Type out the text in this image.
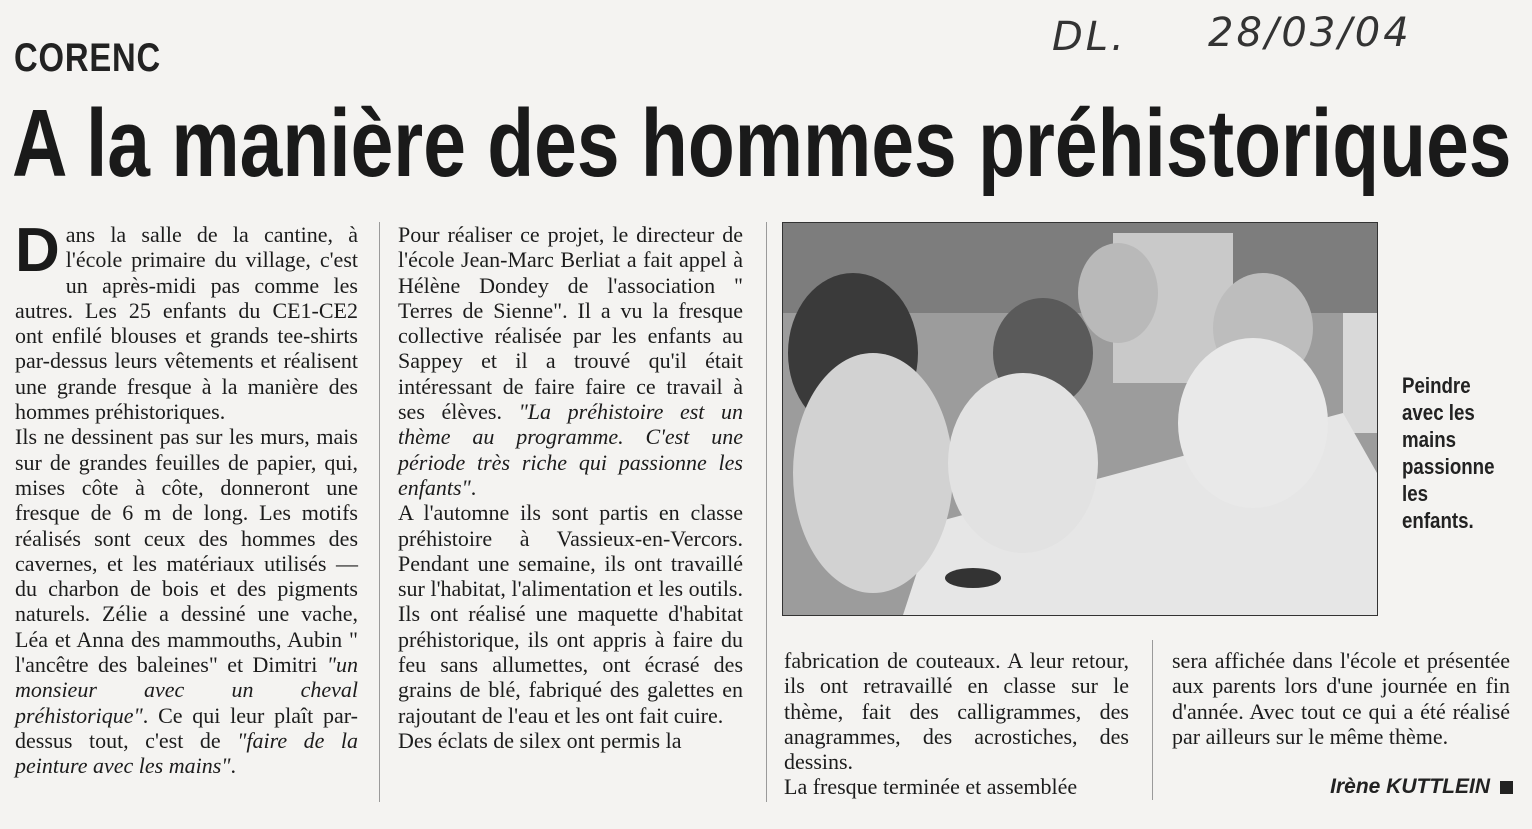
DL. 28/03/04
CORENC
A la manière des hommes préhistoriques

Dans la salle de la cantine, à l'école primaire du village, c'est un après-midi pas comme les autres. Les 25 enfants du CE1-CE2 ont enfilé blouses et grands tee-shirts par-dessus leurs vêtements et réalisent une grande fresque à la manière des hommes préhistoriques.

Ils ne dessinent pas sur les murs, mais sur de grandes feuilles de papier, qui, mises côte à côte, donneront une fresque de 6 m de long. Les motifs réalisés sont ceux des hommes des cavernes, et les matériaux utilisés — du charbon de bois et des pigments naturels. Zélie a dessiné une vache, Léa et Anna des mammouths, Aubin " l'ancêtre des baleines" et Dimitri "un monsieur avec un cheval préhistorique". Ce qui leur plaît par-dessus tout, c'est de "faire de la peinture avec les mains".

Pour réaliser ce projet, le directeur de l'école Jean-Marc Berliat a fait appel à Hélène Dondey de l'association " Terres de Sienne". Il a vu la fresque collective réalisée par les enfants au Sappey et il a trouvé qu'il était intéressant de faire faire ce travail à ses élèves. "La préhistoire est un thème au programme. C'est une période très riche qui passionne les enfants".

A l'automne ils sont partis en classe préhistoire à Vassieux-en-Vercors. Pendant une semaine, ils ont travaillé sur l'habitat, l'alimentation et les outils. Ils ont réalisé une maquette d'habitat préhistorique, ils ont appris à faire du feu sans allumettes, ont écrasé des grains de blé, fabriqué des galettes en rajoutant de l'eau et les ont fait cuire.

Des éclats de silex ont permis la

Peindre avec les mains passionne les enfants.

fabrication de couteaux. A leur retour, ils ont retravaillé en classe sur le thème, fait des calligrammes, des anagrammes, des acrostiches, des dessins.

La fresque terminée et assemblée

sera affichée dans l'école et présentée aux parents lors d'une journée en fin d'année. Avec tout ce qui a été réalisé par ailleurs sur le même thème.

Irène KUTTLEIN
